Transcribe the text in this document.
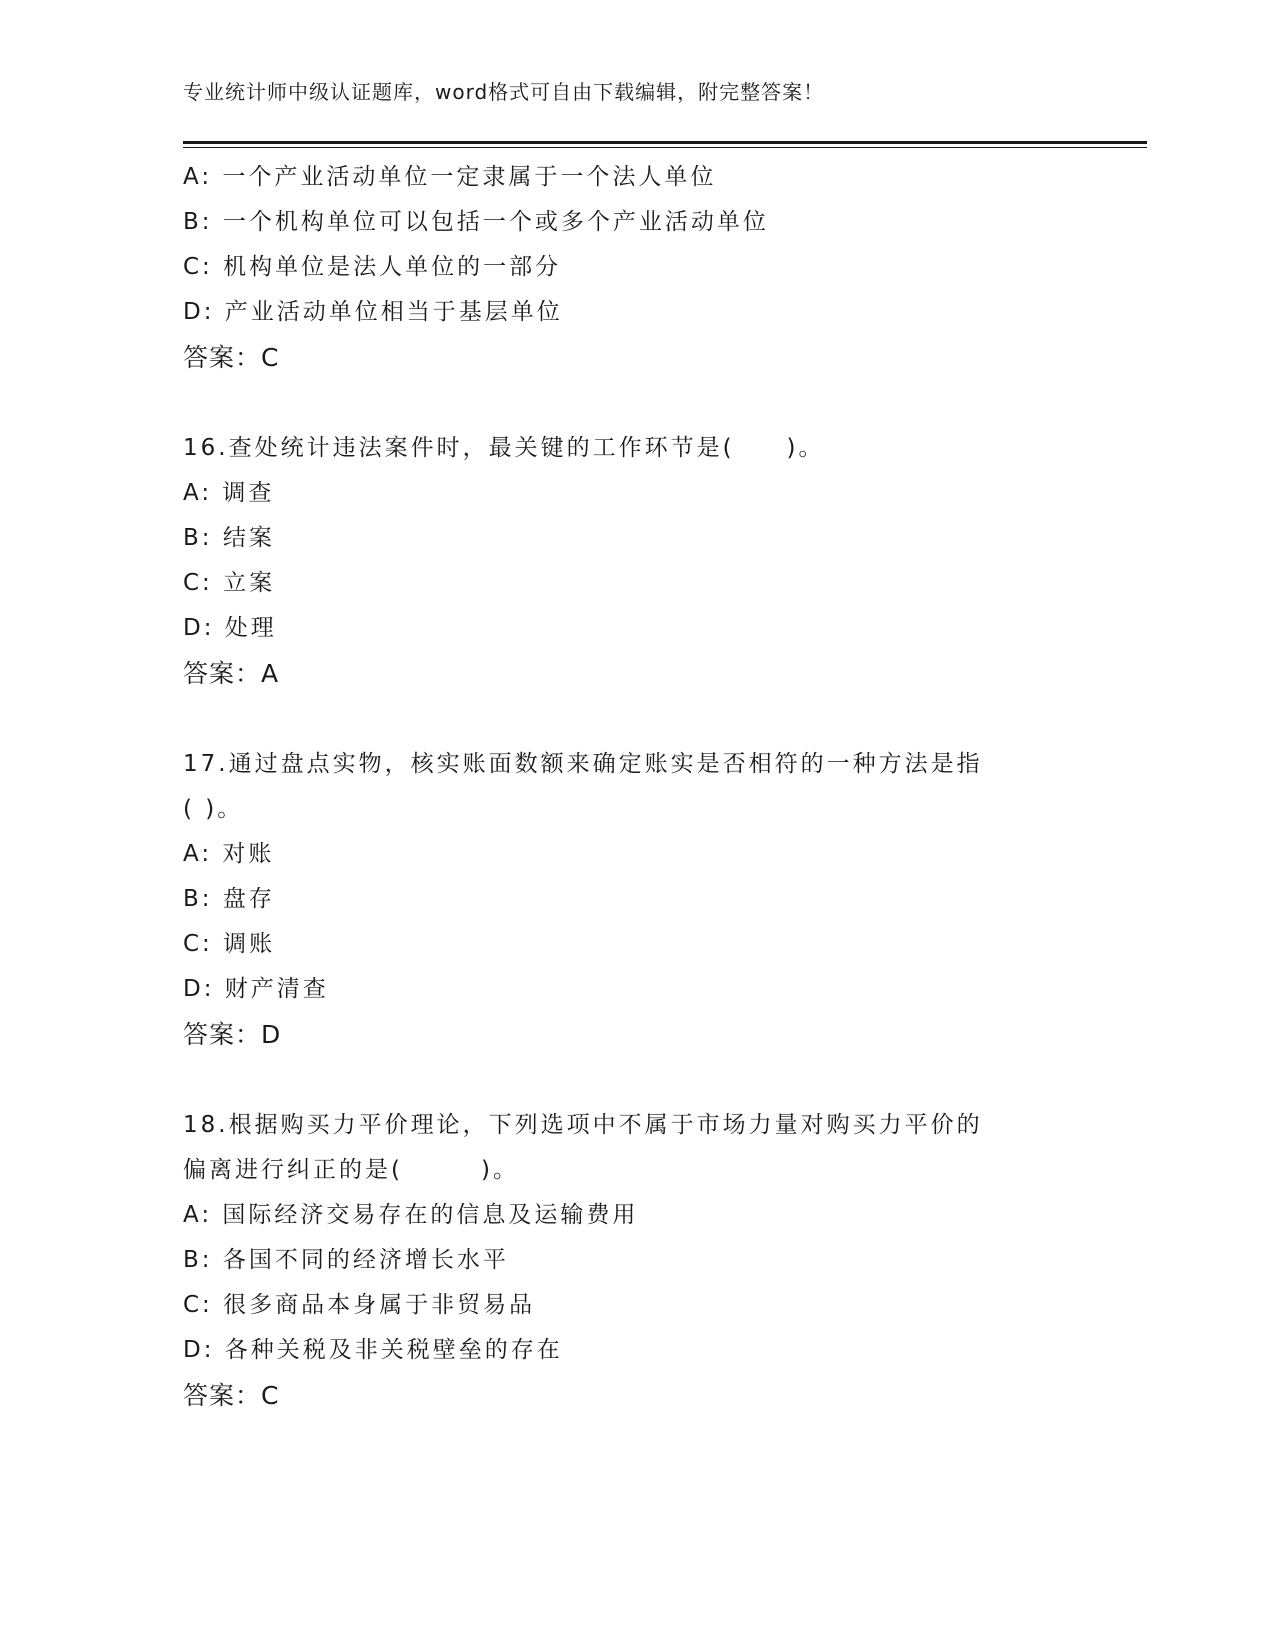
专业统计师中级认证题库，word格式可自由下载编辑，附完整答案！
A: 一个产业活动单位一定隶属于一个法人单位
B: 一个机构单位可以包括一个或多个产业活动单位
C: 机构单位是法人单位的一部分
D: 产业活动单位相当于基层单位
答案：C
16.查处统计违法案件时，最关键的工作环节是(　　)。
A: 调查
B: 结案
C: 立案
D: 处理
答案：A
17.通过盘点实物，核实账面数额来确定账实是否相符的一种方法是指
( )。
A: 对账
B: 盘存
C: 调账
D: 财产清查
答案：D
18.根据购买力平价理论，下列选项中不属于市场力量对购买力平价的
偏离进行纠正的是(　　　)。
A: 国际经济交易存在的信息及运输费用
B: 各国不同的经济增长水平
C: 很多商品本身属于非贸易品
D: 各种关税及非关税壁垒的存在
答案：C
